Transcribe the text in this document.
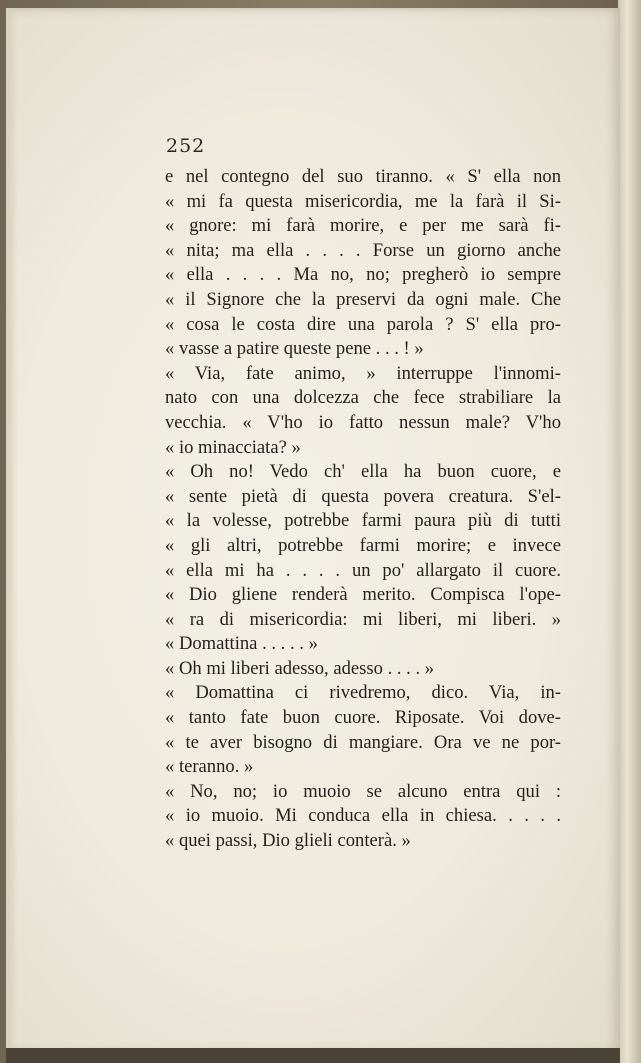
252

e nel contegno del suo tiranno. « S' ella non
« mi fa questa misericordia, me la farà il Si-
« gnore: mi farà morire, e per me sarà fi-
« nita; ma ella . . . . Forse un giorno anche
« ella . . . . Ma no, no; pregherò io sempre
« il Signore che la preservi da ogni male. Che
« cosa le costa dire una parola ? S' ella pro-
« vasse a patire queste pene . . . ! »
« Via, fate animo, » interruppe l'innomi-
nato con una dolcezza che fece strabiliare la
vecchia. « V'ho io fatto nessun male? V'ho
« io minacciata? »
« Oh no! Vedo ch' ella ha buon cuore, e
« sente pietà di questa povera creatura. S'el-
« la volesse, potrebbe farmi paura più di tutti
« gli altri, potrebbe farmi morire; e invece
« ella mi ha . . . . un po' allargato il cuore.
« Dio gliene renderà merito. Compisca l'ope-
« ra di misericordia: mi liberi, mi liberi. »
« Domattina . . . . . »
« Oh mi liberi adesso, adesso . . . . »
« Domattina ci rivedremo, dico. Via, in-
« tanto fate buon cuore. Riposate. Voi dove-
« te aver bisogno di mangiare. Ora ve ne por-
« teranno. »
« No, no; io muoio se alcuno entra qui :
« io muoio. Mi conduca ella in chiesa. . . . .
« quei passi, Dio glieli conterà. »
